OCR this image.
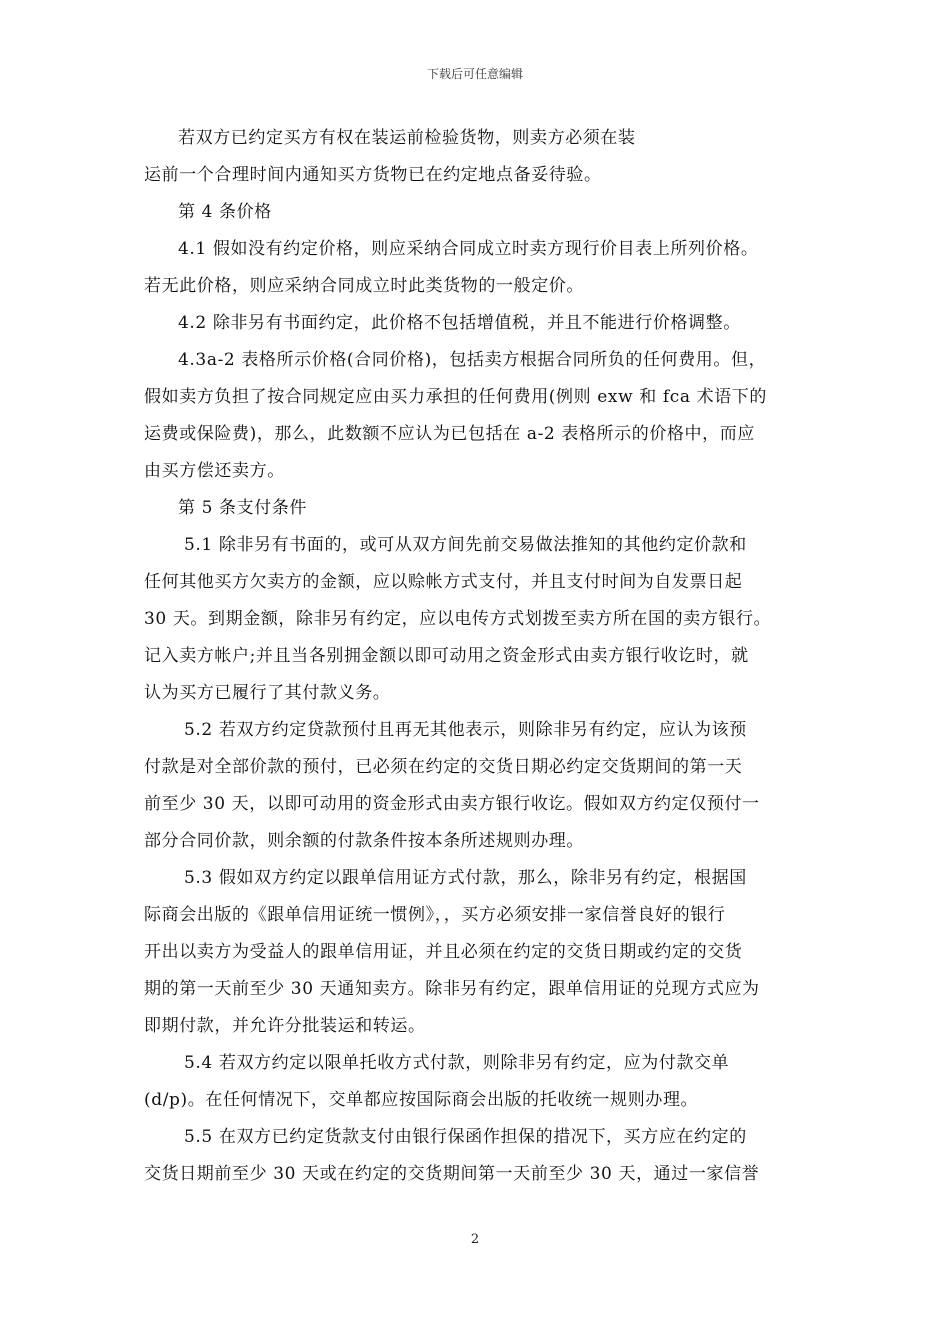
下载后可任意编辑

若双方已约定买方有权在装运前检验货物，则卖方必须在装
运前一个合理时间内通知买方货物已在约定地点备妥待验。

第 4 条价格

4.1 假如没有约定价格，则应采纳合同成立时卖方现行价目表上所列价格。
若无此价格，则应采纳合同成立时此类货物的一般定价。

4.2 除非另有书面约定，此价格不包括增值税，并且不能进行价格调整。

4.3a-2 表格所示价格(合同价格)，包括卖方根据合同所负的任何费用。但，
假如卖方负担了按合同规定应由买力承担的任何费用(例则 exw 和 fca 术语下的
运费或保险费)，那么，此数额不应认为已包括在 a-2 表格所示的价格中，而应
由买方偿还卖方。

第 5 条支付条件

5.1 除非另有书面的，或可从双方间先前交易做法推知的其他约定价款和
任何其他买方欠卖方的金额，应以赊帐方式支付，并且支付时间为自发票日起
30 天。到期金额，除非另有约定，应以电传方式划拨至卖方所在国的卖方银行。
记入卖方帐户;并且当各别拥金额以即可动用之资金形式由卖方银行收讫时，就
认为买方已履行了其付款义务。

5.2 若双方约定贷款预付且再无其他表示，则除非另有约定，应认为该预
付款是对全部价款的预付，已必须在约定的交货日期必约定交货期间的第一天
前至少 30 天，以即可动用的资金形式由卖方银行收讫。假如双方约定仅预付一
部分合同价款，则余额的付款条件按本条所述规则办理。

5.3 假如双方约定以跟单信用证方式付款，那么，除非另有约定，根据国
际商会出版的《跟单信用证统一惯例》，，买方必须安排一家信誉良好的银行
开出以卖方为受益人的跟单信用证，并且必须在约定的交货日期或约定的交货
期的第一天前至少 30 天通知卖方。除非另有约定，跟单信用证的兑现方式应为
即期付款，并允许分批装运和转运。

5.4 若双方约定以限单托收方式付款，则除非另有约定，应为付款交单
(d/p)。在任何情况下，交单都应按国际商会出版的托收统一规则办理。

5.5 在双方已约定货款支付由银行保函作担保的措况下，买方应在约定的
交货日期前至少 30 天或在约定的交货期间第一天前至少 30 天，通过一家信誉

2
